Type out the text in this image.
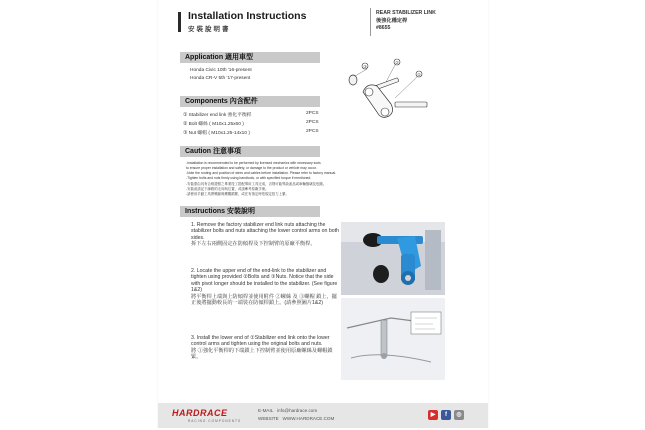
Installation Instructions
安裝說明書
REAR STABILIZER LINK
後強化穩定桿
#8655
Application 適用車型
Honda Civic 10th '16-present
Honda CR-V 5th '17-present
③
②
①
Components 內含配件
① Stabilizer end link 強化平衡桿	2PCS
② Bolt 螺絲 ( M10x1.25x60 )	2PCS
③ Nut 螺帽 ( M10x1.25-14x10 )	2PCS
Caution 注意事項
-Installation is recommended to be performed by licensed mechanics with necessary tools
to ensure proper installation and safety, or damage to the product or vehicle may occur.
-Note the routing and position of wires and cables before installation. Please refer to factory manual.
-Tighten bolts and nuts firmly using handtools, or with specified torque if mentioned.
-安裝需由具有合格證照之專業技工搭配專用工具完成，否則可能導致產品或車輛損壞及危險。
-安裝前請記下線路的走向與位置，或請參考原廠手冊。
-請使用手動工具將螺絲與螺帽鎖緊，或在有指定時依規定扭力上緊。
Instructions 安裝說明
1. Remove the factory stabilizer end link nuts attaching the stabilizer bolts and nuts attaching the lower control arms on both sides.
拆下左右兩側固定在防傾桿及下控制臂的原廠平衡桿。
2. Locate the upper end of the end-link to the stabilizer and tighten using provided ②Bolts and ③Nuts. Notice that the side with pivot longer should be installed to the stabilizer. (See figure 1&2)
將平衡桿上端與上防傾桿並使用附件 ②螺絲 及 ③螺帽 鎖上，擺正後將擺動較長的一端裝在防傾桿鎖上。(請參照圖片1&2)
3. Install the lower end of ①Stabilizer end link onto the lower control arms and tighten using the original bolts and nuts.
將 ①強化平衡桿的下端鎖上下控制臂並使用原廠螺絲及螺帽鎖緊。
HARDRACE
RACING COMPONENTS
E-MAIL info@hardrace.com
WEBSITE WWW.HARDRACE.COM
▶	f	◎
